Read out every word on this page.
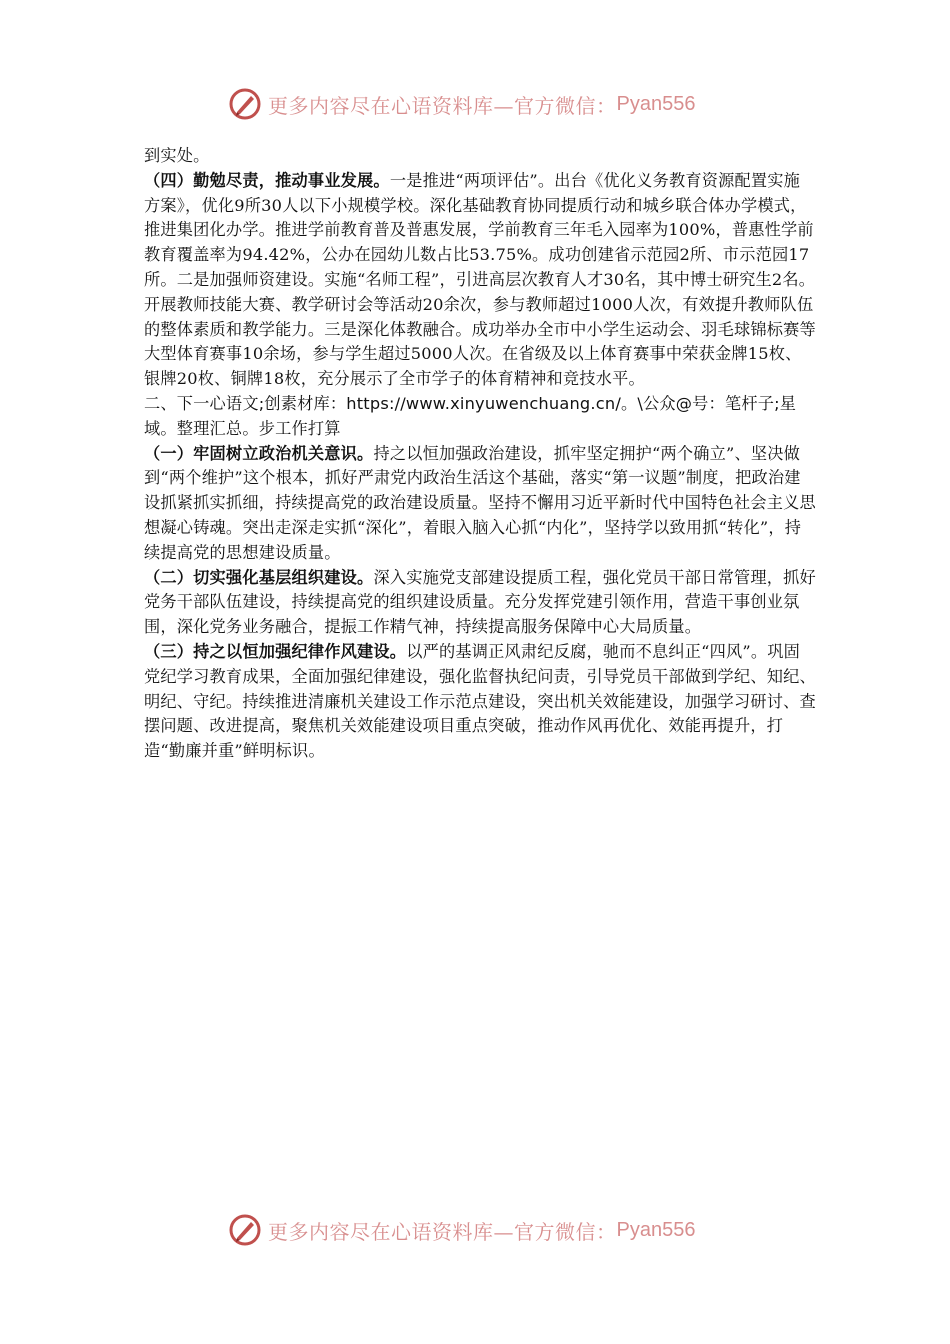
更多内容尽在心语资料库—官方微信： Pyan556

到实处。

（四）勤勉尽责，推动事业发展。一是推进“两项评估”。出台《优化义务教育资源配置实施方案》，优化9所30人以下小规模学校。深化基础教育协同提质行动和城乡联合体办学模式，推进集团化办学。推进学前教育普及普惠发展，学前教育三年毛入园率为100%，普惠性学前教育覆盖率为94.42%，公办在园幼儿数占比53.75%。成功创建省示范园2所、市示范园17所。二是加强师资建设。实施“名师工程”，引进高层次教育人才30名，其中博士研究生2名。开展教师技能大赛、教学研讨会等活动20余次，参与教师超过1000人次，有效提升教师队伍的整体素质和教学能力。三是深化体教融合。成功举办全市中小学生运动会、羽毛球锦标赛等大型体育赛事10余场，参与学生超过5000人次。在省级及以上体育赛事中荣获金牌15枚、银牌20枚、铜牌18枚，充分展示了全市学子的体育精神和竞技水平。

二、下一心语文;创素材库：https://www.xinyuwenchuang.cn/。\公众@号：笔杆子;星域。整理汇总。步工作打算

（一）牢固树立政治机关意识。持之以恒加强政治建设，抓牢坚定拥护“两个确立”、坚决做到“两个维护”这个根本，抓好严肃党内政治生活这个基础，落实“第一议题”制度，把政治建设抓紧抓实抓细，持续提高党的政治建设质量。坚持不懈用习近平新时代中国特色社会主义思想凝心铸魂。突出走深走实抓“深化”，着眼入脑入心抓“内化”，坚持学以致用抓“转化”，持续提高党的思想建设质量。

（二）切实强化基层组织建设。深入实施党支部建设提质工程，强化党员干部日常管理，抓好党务干部队伍建设，持续提高党的组织建设质量。充分发挥党建引领作用，营造干事创业氛围，深化党务业务融合，提振工作精气神，持续提高服务保障中心大局质量。

（三）持之以恒加强纪律作风建设。以严的基调正风肃纪反腐，驰而不息纠正“四风”。巩固党纪学习教育成果，全面加强纪律建设，强化监督执纪问责，引导党员干部做到学纪、知纪、明纪、守纪。持续推进清廉机关建设工作示范点建设，突出机关效能建设，加强学习研讨、查摆问题、改进提高，聚焦机关效能建设项目重点突破，推动作风再优化、效能再提升，打造“勤廉并重”鲜明标识。

更多内容尽在心语资料库—官方微信： Pyan556
